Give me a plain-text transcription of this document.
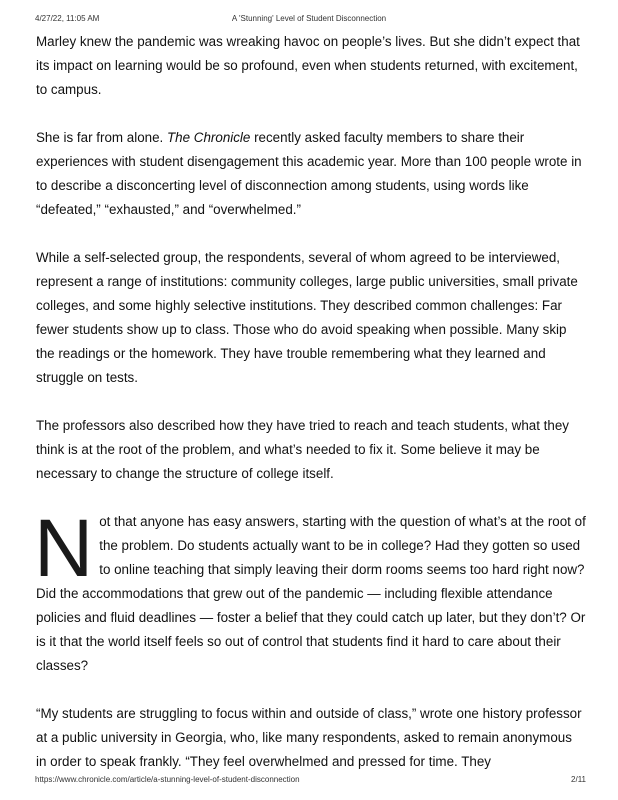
4/27/22, 11:05 AM	A 'Stunning' Level of Student Disconnection

Marley knew the pandemic was wreaking havoc on people’s lives. But she didn’t expect that its impact on learning would be so profound, even when students returned, with excitement, to campus.

She is far from alone. The Chronicle recently asked faculty members to share their experiences with student disengagement this academic year. More than 100 people wrote in to describe a disconcerting level of disconnection among students, using words like “defeated,” “exhausted,” and “overwhelmed.”

While a self-selected group, the respondents, several of whom agreed to be interviewed, represent a range of institutions: community colleges, large public universities, small private colleges, and some highly selective institutions. They described common challenges: Far fewer students show up to class. Those who do avoid speaking when possible. Many skip the readings or the homework. They have trouble remembering what they learned and struggle on tests.

The professors also described how they have tried to reach and teach students, what they think is at the root of the problem, and what’s needed to fix it. Some believe it may be necessary to change the structure of college itself.

Not that anyone has easy answers, starting with the question of what’s at the root of the problem. Do students actually want to be in college? Had they gotten so used to online teaching that simply leaving their dorm rooms seems too hard right now? Did the accommodations that grew out of the pandemic — including flexible attendance policies and fluid deadlines — foster a belief that they could catch up later, but they don’t? Or is it that the world itself feels so out of control that students find it hard to care about their classes?

“My students are struggling to focus within and outside of class,” wrote one history professor at a public university in Georgia, who, like many respondents, asked to remain anonymous in order to speak frankly. “They feel overwhelmed and pressed for time. They

https://www.chronicle.com/article/a-stunning-level-of-student-disconnection	2/11
